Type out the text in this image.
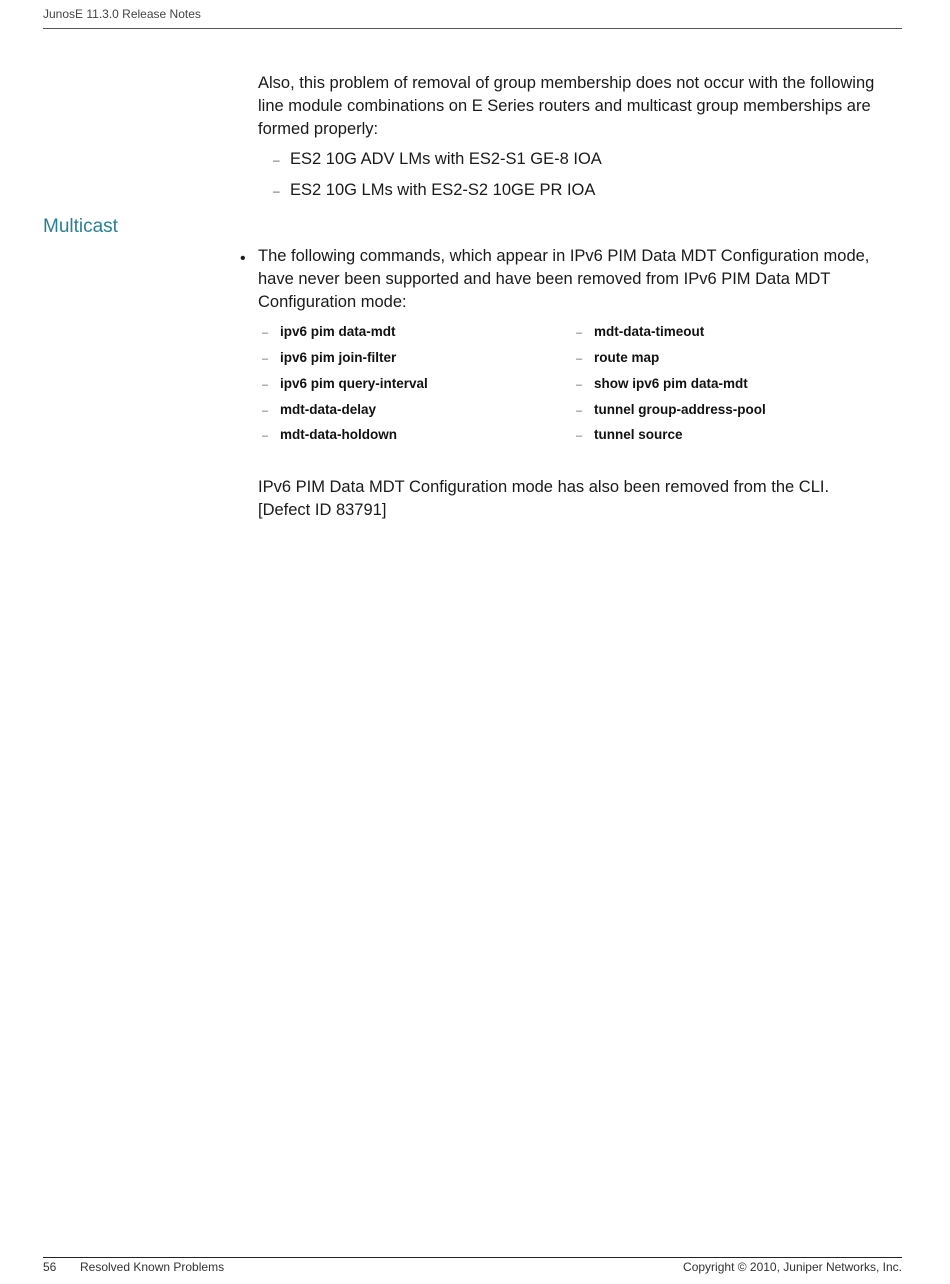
JunosE 11.3.0 Release Notes
Also, this problem of removal of group membership does not occur with the following line module combinations on E Series routers and multicast group memberships are formed properly:
– ES2 10G ADV LMs with ES2-S1 GE-8 IOA
– ES2 10G LMs with ES2-S2 10GE PR IOA
Multicast
• The following commands, which appear in IPv6 PIM Data MDT Configuration mode, have never been supported and have been removed from IPv6 PIM Data MDT Configuration mode:
– ipv6 pim data-mdt
– ipv6 pim join-filter
– ipv6 pim query-interval
– mdt-data-delay
– mdt-data-holdown
– mdt-data-timeout
– route map
– show ipv6 pim data-mdt
– tunnel group-address-pool
– tunnel source
IPv6 PIM Data MDT Configuration mode has also been removed from the CLI. [Defect ID 83791]
56 Resolved Known Problems	Copyright © 2010, Juniper Networks, Inc.
